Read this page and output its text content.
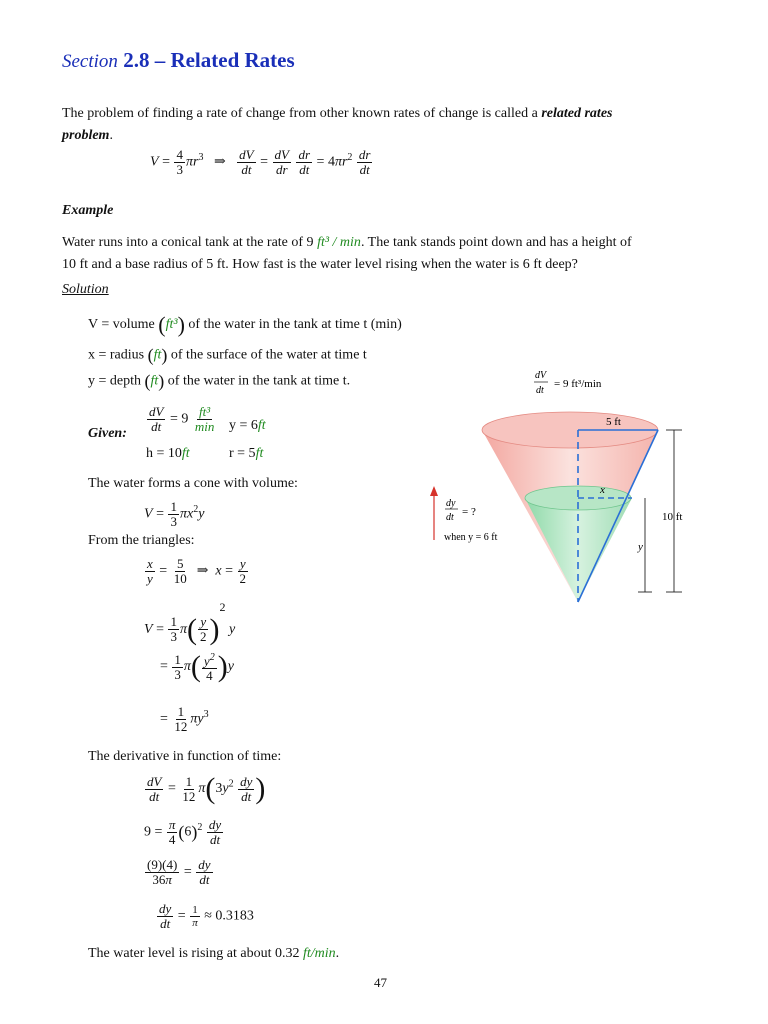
Section 2.8 – Related Rates
The problem of finding a rate of change from other known rates of change is called a related rates
problem.
$V = \frac{4}{3} \pi r^3$   ⇒ $\frac{dV}{dt} = \frac{dV}{dr}$
$\frac{dr}{dt} = 4\pi r^2 \frac{dr}{dt}$
Example
Water runs into a conical tank at the rate of 9 ft³ / min. The tank stands point down and has a height of
10 ft and a base radius of 5 ft. How fast is the water level rising when the water is 6 ft deep?
Solution
V = volume (ft³) of the water in the tank at time t (min)
x = radius (ft) of the surface of the water at time t
y = depth (ft) of the water in the tank at time t.
Given: $\frac{dV}{dt} = 9 \frac{\text{ft³}}{\min}$ y = 6ft
h = 10ft	r = 5ft
The water forms a cone with volume:
$V = \frac{1}{3} \pi x^2y$
From the triangles:
$\frac{x}{y} = \frac{5}{10}$ ⇒  $x = \frac{y}{2}$
$V = \frac{1}{3} \pi( \frac{y}{2} )^2$ y
= $\frac{1}{3} \pi( \frac{y^2}{4} )y$
= $\frac{1}{12} \pi y^3$
The derivative in function of time:
$\frac{dV}{dt} = \frac{1}{12} \pi(3y^2 \frac{dy}{dt}$ )
$9 = \frac{\pi}{4} (6)^2 \frac{dy}{dt}$
$\frac{(9)(4)}{36\pi} = \frac{dy}{dt}$
$\frac{dy}{dt} = \frac{1}{\pi} \approx 0.3183$
The water level is rising at about 0.32 ft/min.
47
5 ft
x
10 ft
y
dy
dt = ?
when y = 6 ft
dV
dt
= 9 ft³/min
